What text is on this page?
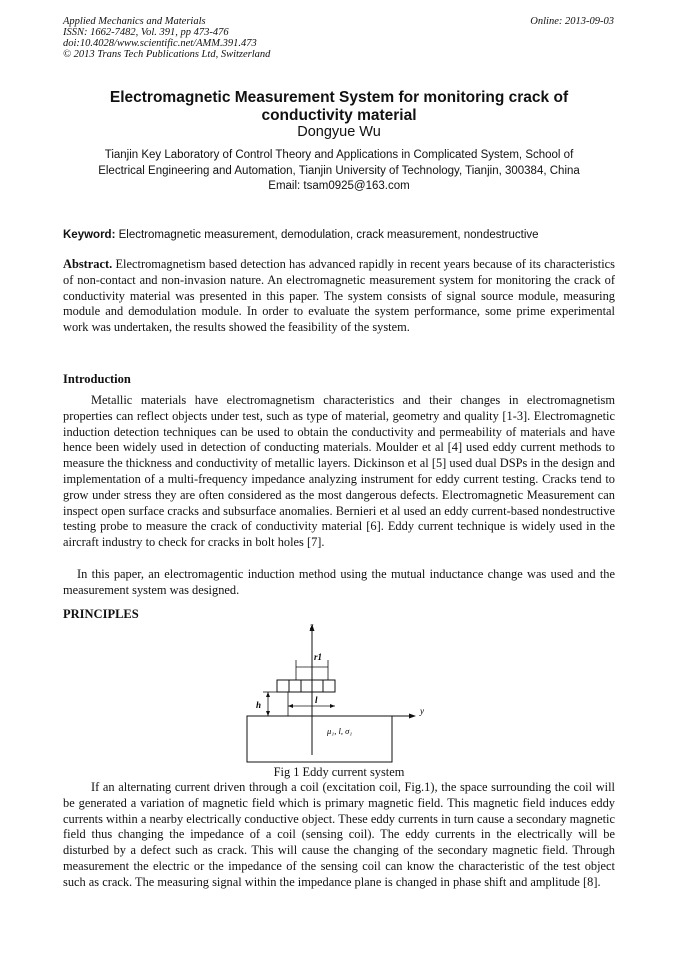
Applied Mechanics and Materials
ISSN: 1662-7482, Vol. 391, pp 473-476
doi:10.4028/www.scientific.net/AMM.391.473
© 2013 Trans Tech Publications Ltd, Switzerland
Online: 2013-09-03
Electromagnetic Measurement System for monitoring crack of
conductivity material
Dongyue Wu
Tianjin Key Laboratory of Control Theory and Applications in Complicated System, School of
Electrical Engineering and Automation, Tianjin University of Technology, Tianjin, 300384, China
Email: tsam0925@163.com
Keyword: Electromagnetic measurement, demodulation, crack measurement, nondestructive
Abstract. Electromagnetism based detection has advanced rapidly in recent years because of its characteristics of non-contact and non-invasion nature. An electromagnetic measurement system for monitoring the crack of conductivity material was presented in this paper. The system consists of signal source module, measuring module and demodulation module. In order to evaluate the system performance, some prime experimental work was undertaken, the results showed the feasibility of the system.
Introduction
Metallic materials have electromagnetism characteristics and their changes in electromagnetism properties can reflect objects under test, such as type of material, geometry and quality [1-3]. Electromagnetic induction detection techniques can be used to obtain the conductivity and permeability of materials and have hence been widely used in detection of conducting materials. Moulder et al [4] used eddy current methods to measure the thickness and conductivity of metallic layers. Dickinson et al [5] used dual DSPs in the design and implementation of a multi-frequency impedance analyzing instrument for eddy current testing. Cracks tend to grow under stress they are often considered as the most dangerous defects. Electromagnetic Measurement can inspect open surface cracks and subsurface anomalies. Bernieri et al used an eddy current-based nondestructive testing probe to measure the crack of conductivity material [6]. Eddy current technique is widely used in the aircraft industry to check for cracks in bolt holes [7].
In this paper, an electromagentic induction method using the mutual inductance change was used and the measurement system was designed.
PRINCIPLES
z
r1
h	l
y
μ₁, l, σ₁
Fig 1 Eddy current system
If an alternating current driven through a coil (excitation coil, Fig.1), the space surrounding the coil will be generated a variation of magnetic field which is primary magnetic field. This magnetic field induces eddy currents within a nearby electrically conductive object. These eddy currents in turn cause a secondary magnetic field thus changing the impedance of a coil (sensing coil). The eddy currents in the electrically will be disturbed by a defect such as crack. This will cause the changing of the secondary magnetic field. Through measurement the electric or the impedance of the sensing coil can know the characteristic of the test object such as crack. The measuring signal within the impedance plane is changed in phase shift and amplitude [8].
